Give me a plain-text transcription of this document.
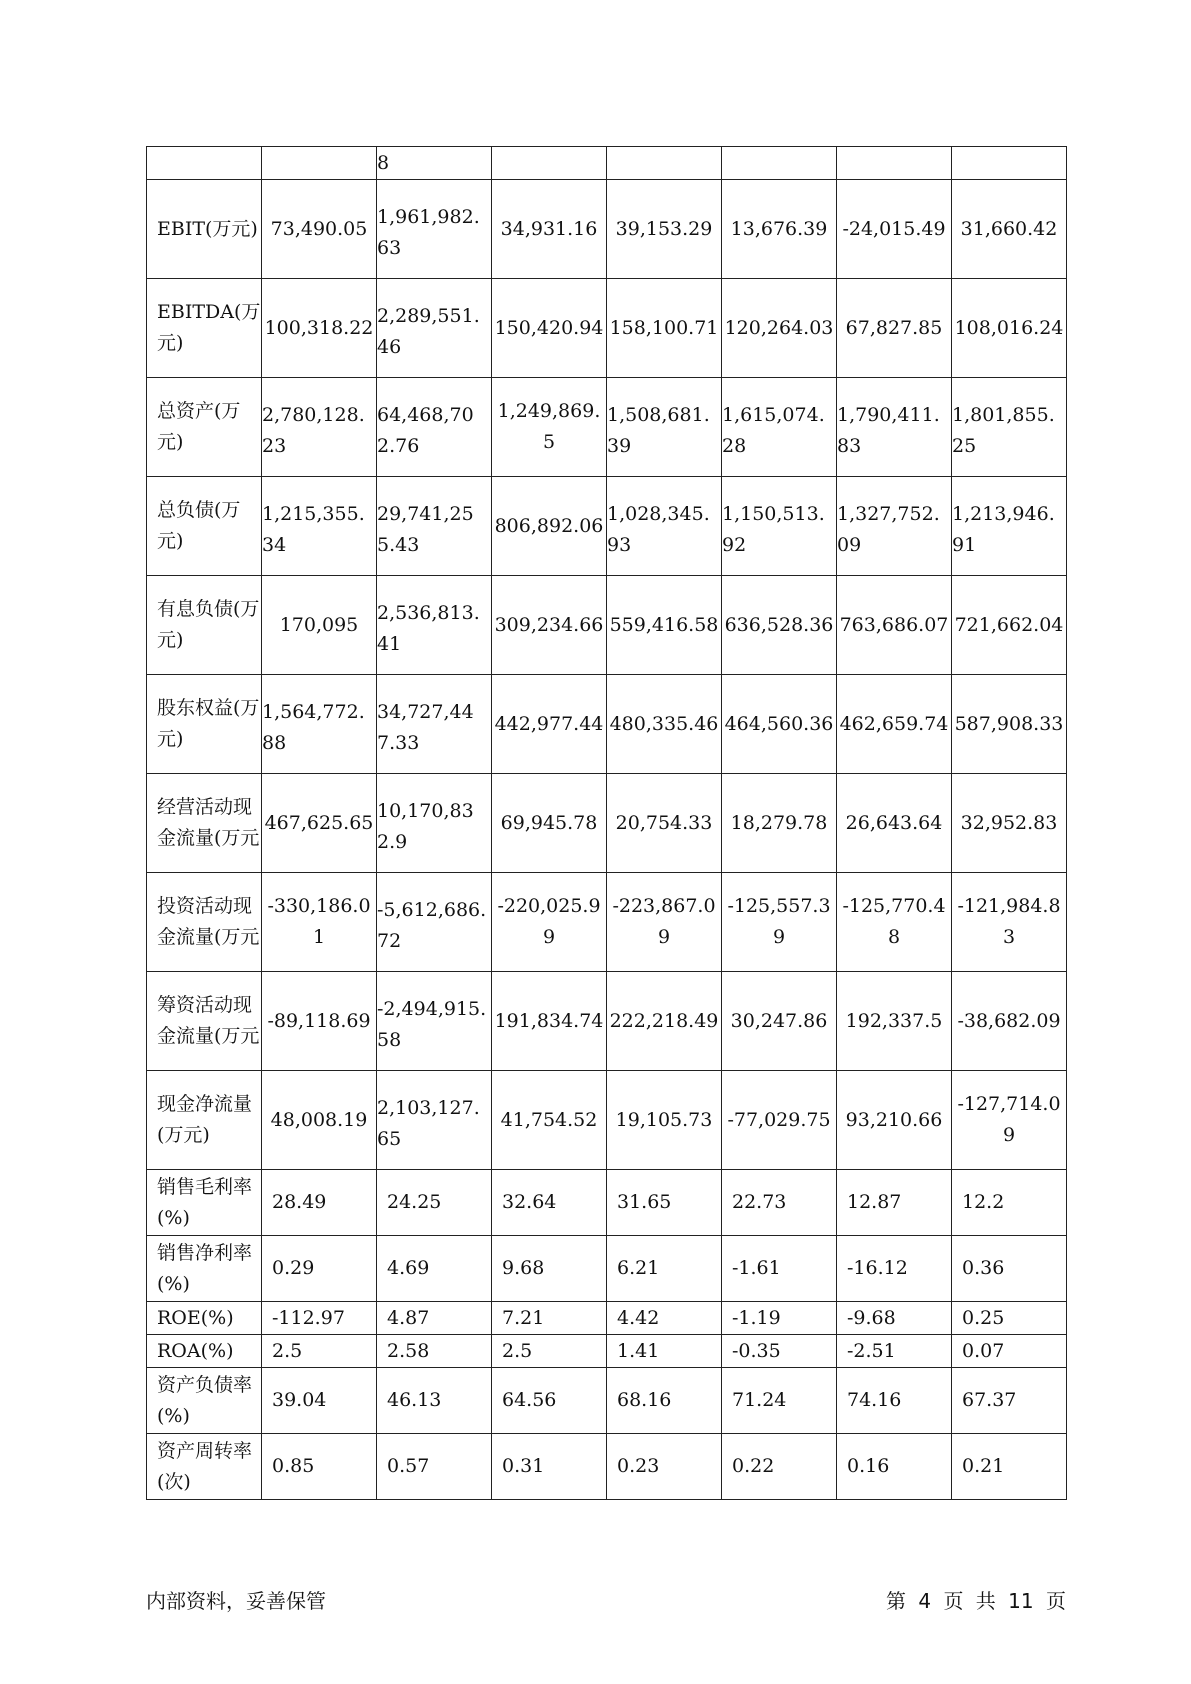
		8					

EBIT(万元)	73,490.05	1,961,982.63	34,931.16	39,153.29	13,676.39	-24,015.49	31,660.42

EBITDA(万元)	100,318.22	2,289,551.46	150,420.94	158,100.71	120,264.03	67,827.85	108,016.24

总资产(万元)	2,780,128.23	64,468,702.76	1,249,869.5	1,508,681.39	1,615,074.28	1,790,411.83	1,801,855.25

总负债(万元)	1,215,355.34	29,741,255.43	806,892.06	1,028,345.93	1,150,513.92	1,327,752.09	1,213,946.91

有息负债(万元)	170,095	2,536,813.41	309,234.66	559,416.58	636,528.36	763,686.07	721,662.04

股东权益(万元)	1,564,772.88	34,727,447.33	442,977.44	480,335.46	464,560.36	462,659.74	587,908.33

经营活动现金流量(万元	467,625.65	10,170,832.9	69,945.78	20,754.33	18,279.78	26,643.64	32,952.83

投资活动现金流量(万元	-330,186.01	-5,612,686.72	-220,025.99	-223,867.09	-125,557.39	-125,770.48	-121,984.83

筹资活动现金流量(万元	-89,118.69	-2,494,915.58	191,834.74	222,218.49	30,247.86	192,337.5	-38,682.09

现金净流量(万元)	48,008.19	2,103,127.65	41,754.52	19,105.73	-77,029.75	93,210.66	-127,714.09

销售毛利率(%)	28.49	24.25	32.64	31.65	22.73	12.87	12.2

销售净利率(%)	0.29	4.69	9.68	6.21	-1.61	-16.12	0.36

ROE(%)	-112.97	4.87	7.21	4.42	-1.19	-9.68	0.25

ROA(%)	2.5	2.58	2.5	1.41	-0.35	-2.51	0.07

资产负债率(%)	39.04	46.13	64.56	68.16	71.24	74.16	67.37

资产周转率(次)	0.85	0.57	0.31	0.23	0.22	0.16	0.21
内部资料，妥善保管	第 4 页 共 11 页
